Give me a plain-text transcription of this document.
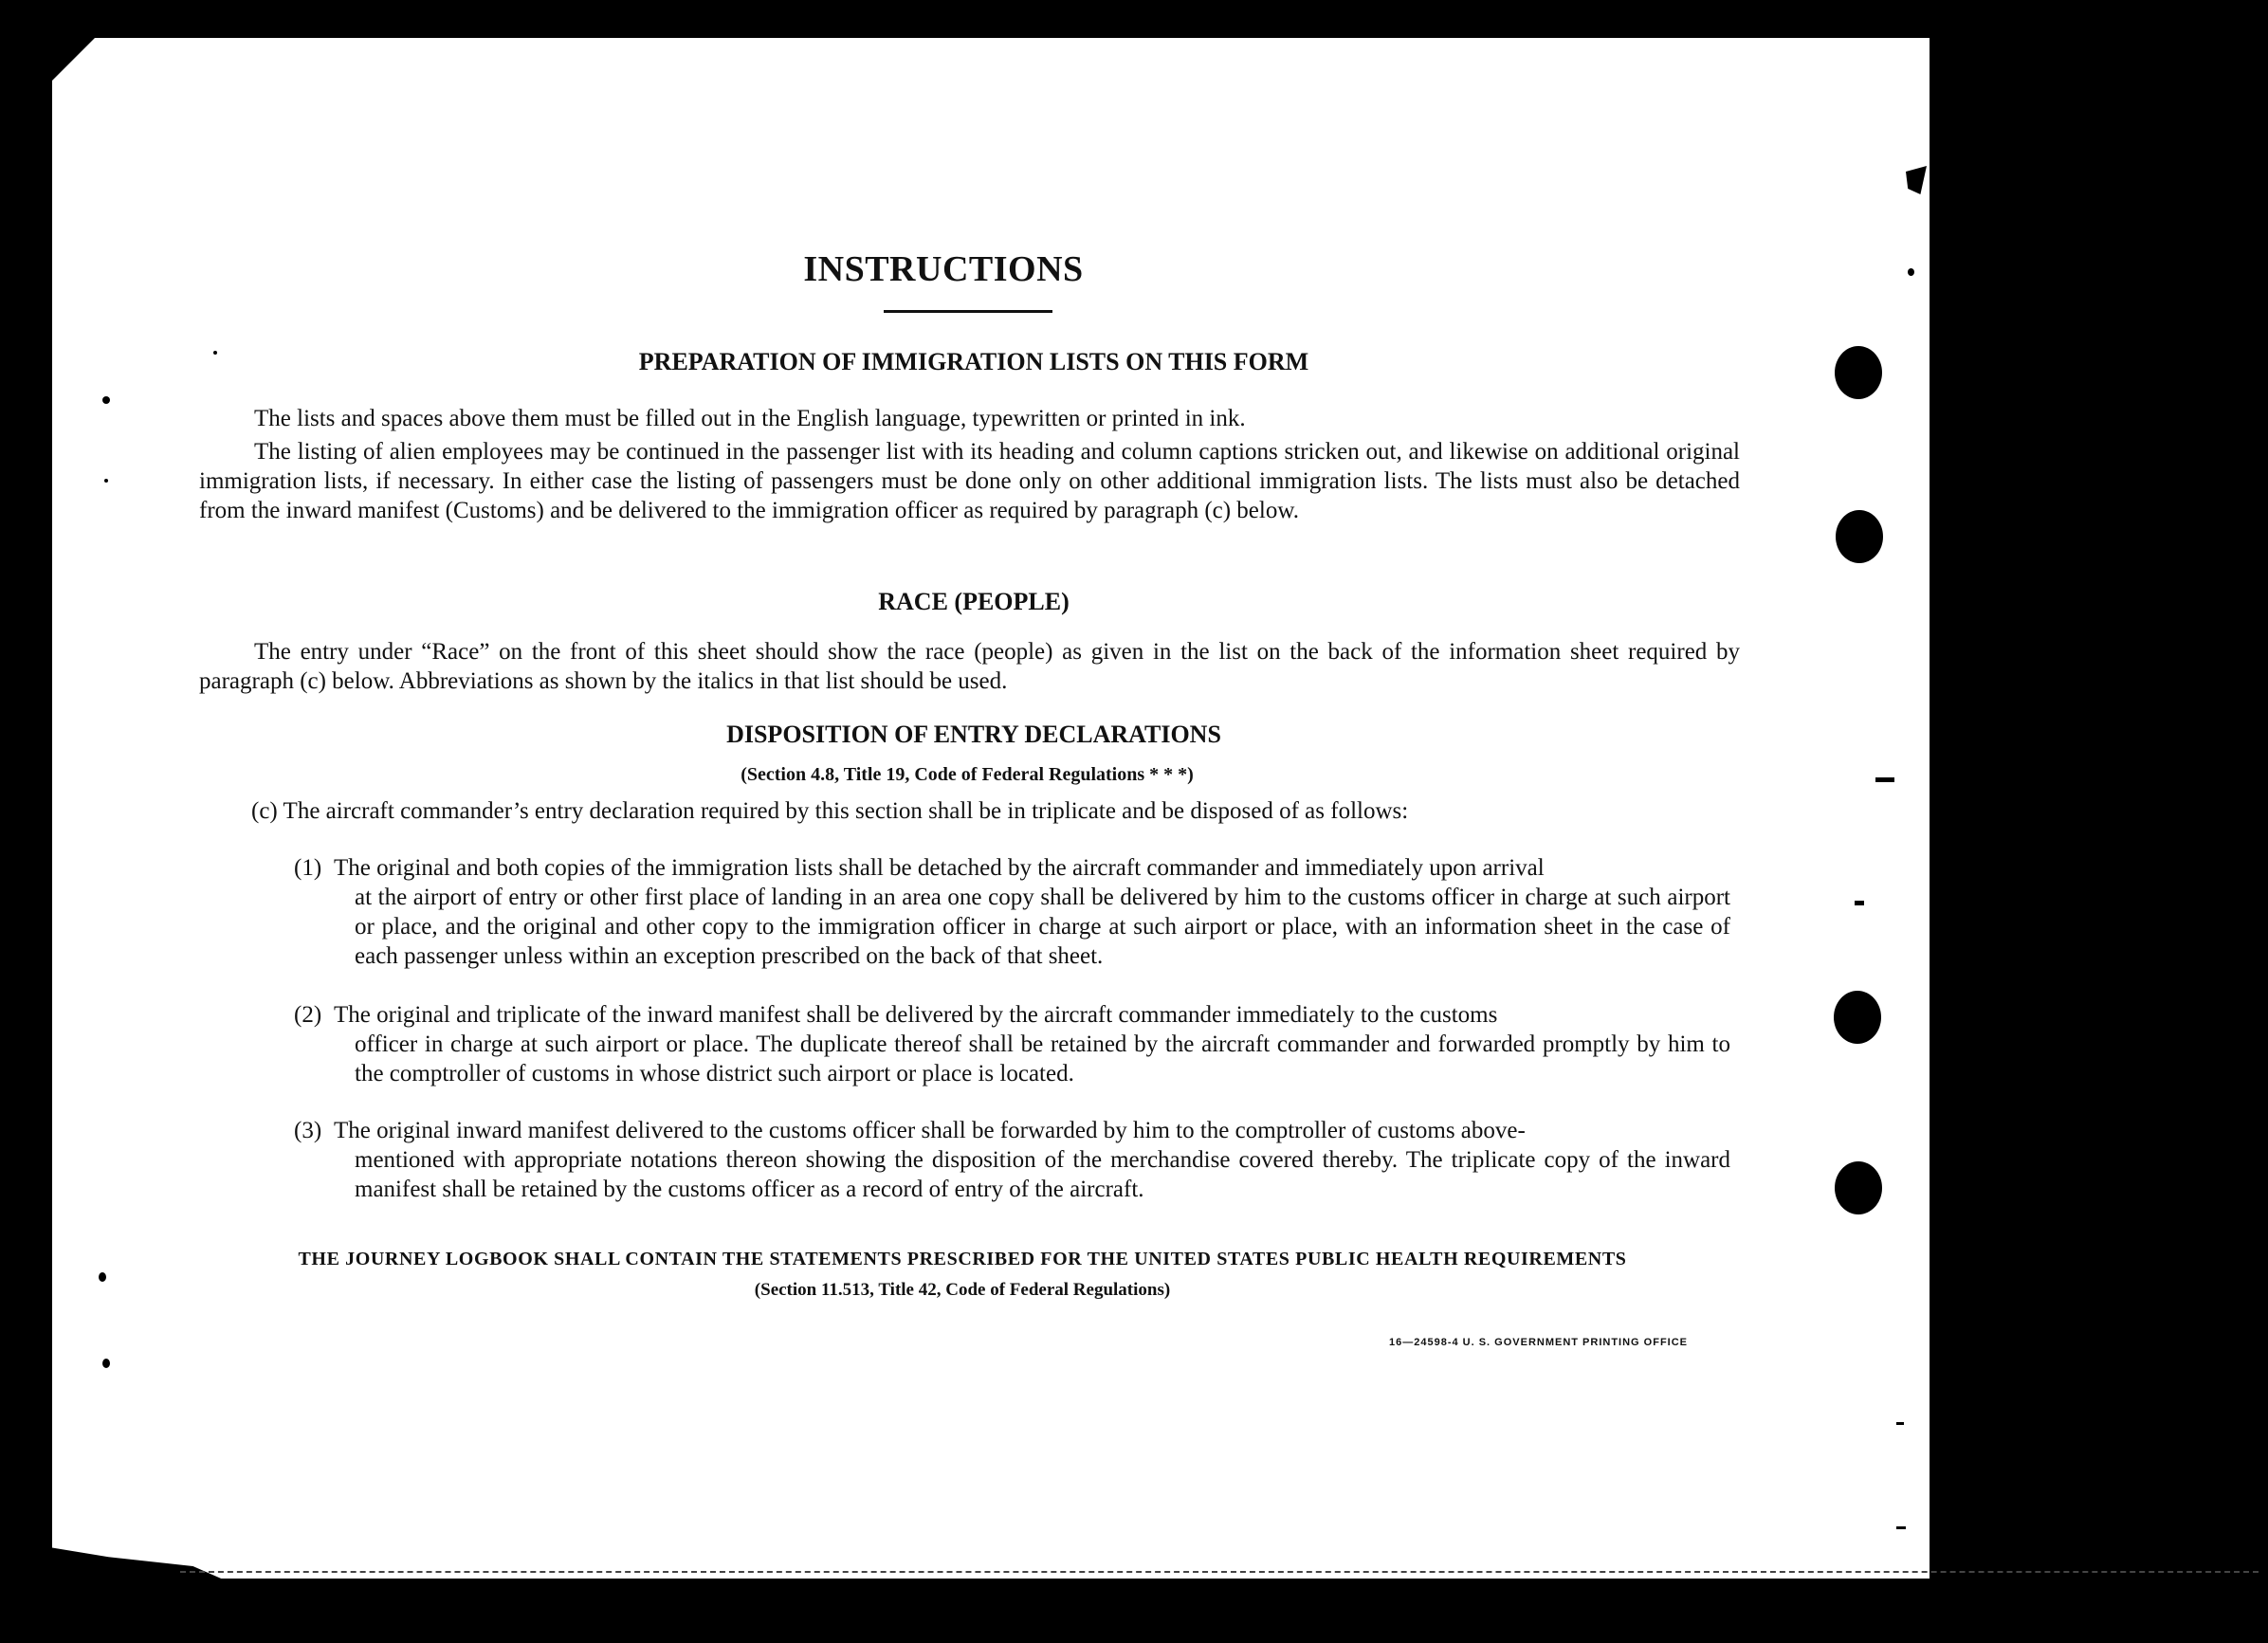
INSTRUCTIONS
PREPARATION OF IMMIGRATION LISTS ON THIS FORM

The lists and spaces above them must be filled out in the English language, typewritten or printed in ink.

The listing of alien employees may be continued in the passenger list with its heading and column captions stricken out, and likewise on additional original immigration lists, if necessary. In either case the listing of passengers must be done only on other additional immigration lists. The lists must also be detached from the inward manifest (Customs) and be delivered to the immigration officer as required by paragraph (c) below.

RACE (PEOPLE)

The entry under “Race” on the front of this sheet should show the race (people) as given in the list on the back of the information sheet required by paragraph (c) below. Abbreviations as shown by the italics in that list should be used.

DISPOSITION OF ENTRY DECLARATIONS
(Section 4.8, Title 19, Code of Federal Regulations * * *)

(c) The aircraft commander’s entry declaration required by this section shall be in triplicate and be disposed of as follows:

(1) The original and both copies of the immigration lists shall be detached by the aircraft commander and immediately upon arrival
at the airport of entry or other first place of landing in an area one copy shall be delivered by him to the customs officer in charge at such airport or place, and the original and other copy to the immigration officer in charge at such airport or place, with an information sheet in the case of each passenger unless within an exception prescribed on the back of that sheet.
(2) The original and triplicate of the inward manifest shall be delivered by the aircraft commander immediately to the customs
officer in charge at such airport or place. The duplicate thereof shall be retained by the aircraft commander and forwarded promptly by him to the comptroller of customs in whose district such airport or place is located.
(3) The original inward manifest delivered to the customs officer shall be forwarded by him to the comptroller of customs above-
mentioned with appropriate notations thereon showing the disposition of the merchandise covered thereby. The triplicate copy of the inward manifest shall be retained by the customs officer as a record of entry of the aircraft.
THE JOURNEY LOGBOOK SHALL CONTAIN THE STATEMENTS PRESCRIBED FOR THE UNITED STATES PUBLIC HEALTH REQUIREMENTS
(Section 11.513, Title 42, Code of Federal Regulations)
16—24598-4 U. S. GOVERNMENT PRINTING OFFICE
